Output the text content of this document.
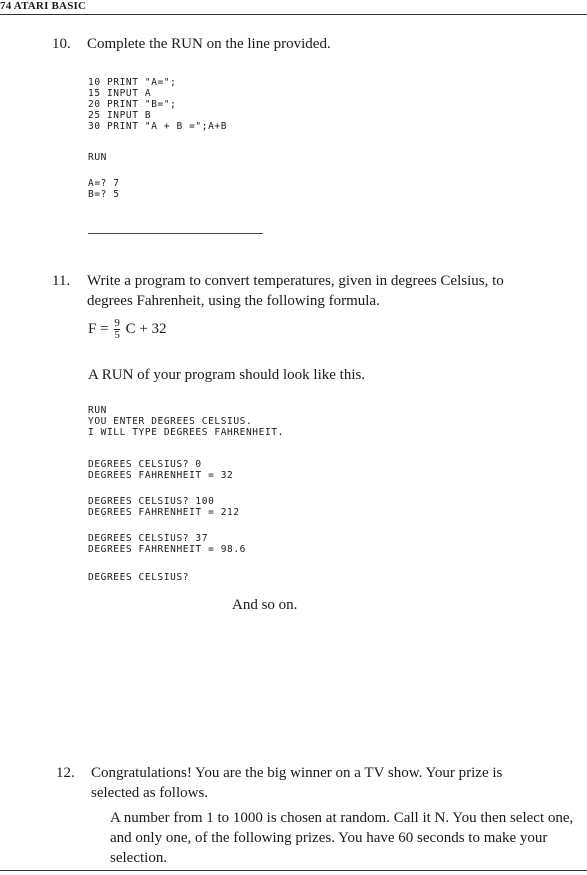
74 ATARI BASIC
10. Complete the RUN on the line provided.
10 PRINT "A=";
15 INPUT A
20 PRINT "B=";
25 INPUT B
30 PRINT "A + B =";A+B
RUN
A=? 7
B=? 5
11. Write a program to convert temperatures, given in degrees Celsius, to degrees Fahrenheit, using the following formula.
$F = \frac{9}{5}$ C + 32
A RUN of your program should look like this.
RUN
YOU ENTER DEGREES CELSIUS.
I WILL TYPE DEGREES FAHRENHEIT.
DEGREES CELSIUS? 0
DEGREES FAHRENHEIT = 32
DEGREES CELSIUS? 100
DEGREES FAHRENHEIT = 212
DEGREES CELSIUS? 37
DEGREES FAHRENHEIT = 98.6
DEGREES CELSIUS?
And so on.
12. Congratulations! You are the big winner on a TV show. Your prize is selected as follows.
A number from 1 to 1000 is chosen at random. Call it N. You then select one, and only one, of the following prizes. You have 60 seconds to make your selection.
